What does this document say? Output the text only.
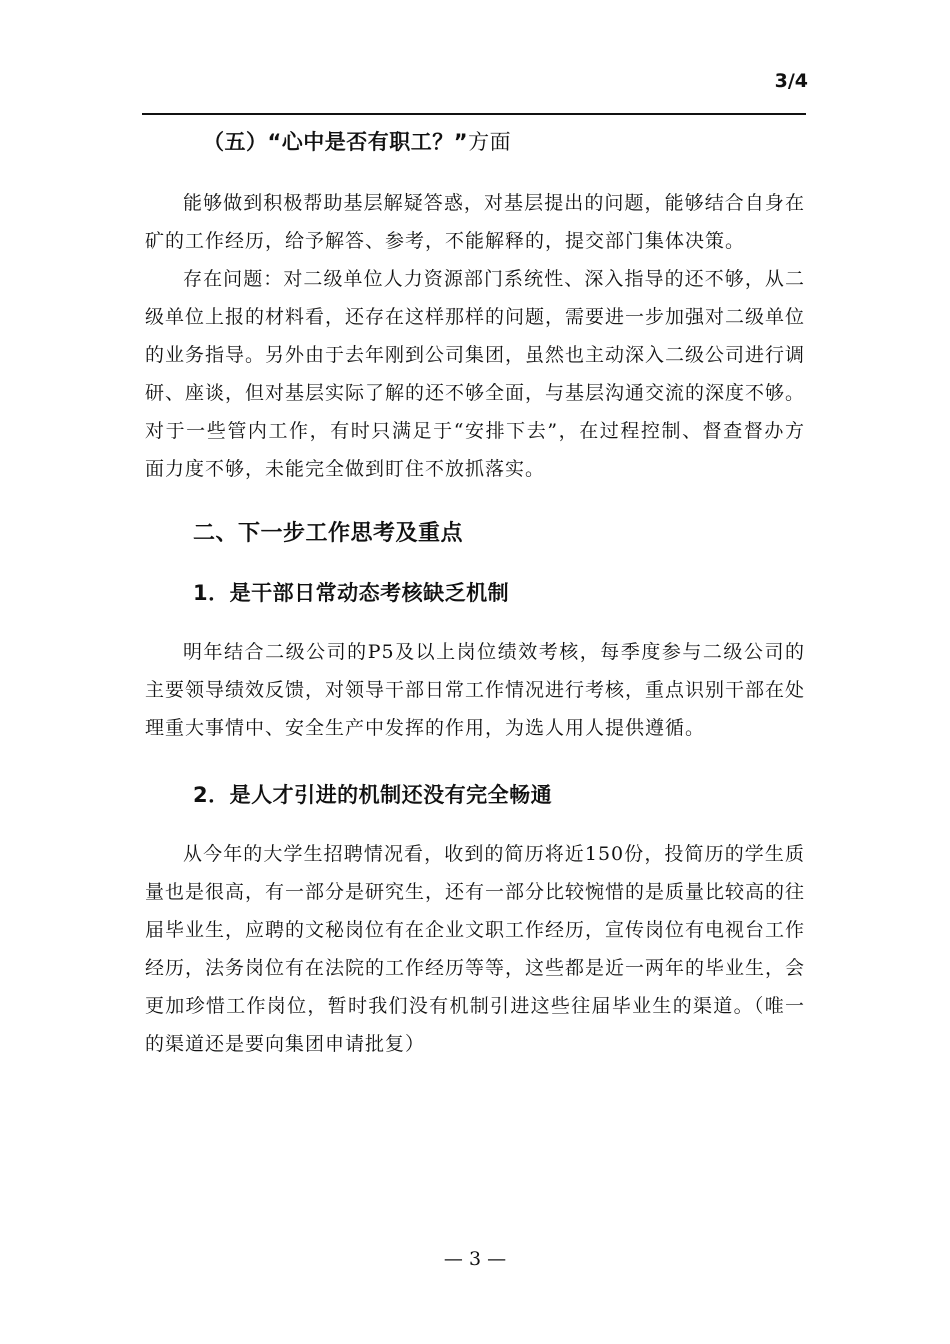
3/4

（五）“心中是否有职工？”方面

能够做到积极帮助基层解疑答惑，对基层提出的问题，能够结合自身在矿的工作经历，给予解答、参考，不能解释的，提交部门集体决策。

存在问题：对二级单位人力资源部门系统性、深入指导的还不够，从二级单位上报的材料看，还存在这样那样的问题，需要进一步加强对二级单位的业务指导。另外由于去年刚到公司集团，虽然也主动深入二级公司进行调研、座谈，但对基层实际了解的还不够全面，与基层沟通交流的深度不够。对于一些管内工作，有时只满足于“安排下去”，在过程控制、督查督办方面力度不够，未能完全做到盯住不放抓落实。

二、下一步工作思考及重点

1．是干部日常动态考核缺乏机制

明年结合二级公司的P5及以上岗位绩效考核，每季度参与二级公司的主要领导绩效反馈，对领导干部日常工作情况进行考核，重点识别干部在处理重大事情中、安全生产中发挥的作用，为选人用人提供遵循。

2．是人才引进的机制还没有完全畅通

从今年的大学生招聘情况看，收到的简历将近150份，投简历的学生质量也是很高，有一部分是研究生，还有一部分比较惋惜的是质量比较高的往届毕业生，应聘的文秘岗位有在企业文职工作经历，宣传岗位有电视台工作经历，法务岗位有在法院的工作经历等等，这些都是近一两年的毕业生，会更加珍惜工作岗位，暂时我们没有机制引进这些往届毕业生的渠道。（唯一的渠道还是要向集团申请批复）

— 3 —
